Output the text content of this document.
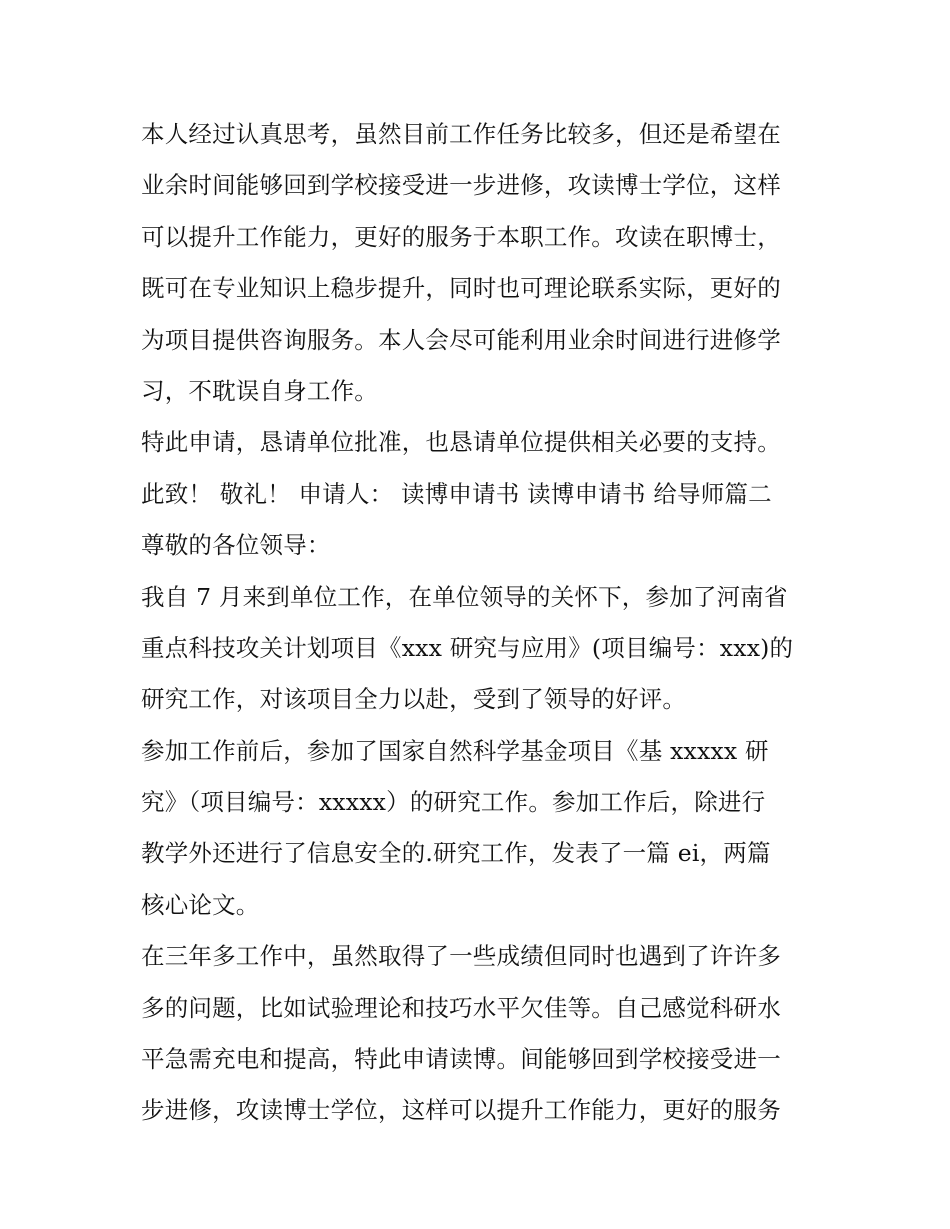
本人经过认真思考，虽然目前工作任务比较多，但还是希望在
业余时间能够回到学校接受进一步进修，攻读博士学位，这样
可以提升工作能力，更好的服务于本职工作。攻读在职博士，
既可在专业知识上稳步提升，同时也可理论联系实际，更好的
为项目提供咨询服务。本人会尽可能利用业余时间进行进修学
习，不耽误自身工作。
特此申请，恳请单位批准，也恳请单位提供相关必要的支持。
此致！ 敬礼！ 申请人： 读博申请书 读博申请书 给导师篇二
尊敬的各位领导：
我自 7 月来到单位工作，在单位领导的关怀下，参加了河南省
重点科技攻关计划项目《xxx 研究与应用》(项目编号：xxx)的
研究工作，对该项目全力以赴，受到了领导的好评。
参加工作前后，参加了国家自然科学基金项目《基 xxxxx 研
究》（项目编号：xxxxx）的研究工作。参加工作后，除进行
教学外还进行了信息安全的.研究工作，发表了一篇 ei，两篇
核心论文。
在三年多工作中，虽然取得了一些成绩但同时也遇到了许许多
多的问题，比如试验理论和技巧水平欠佳等。自己感觉科研水
平急需充电和提高，特此申请读博。间能够回到学校接受进一
步进修，攻读博士学位，这样可以提升工作能力，更好的服务
